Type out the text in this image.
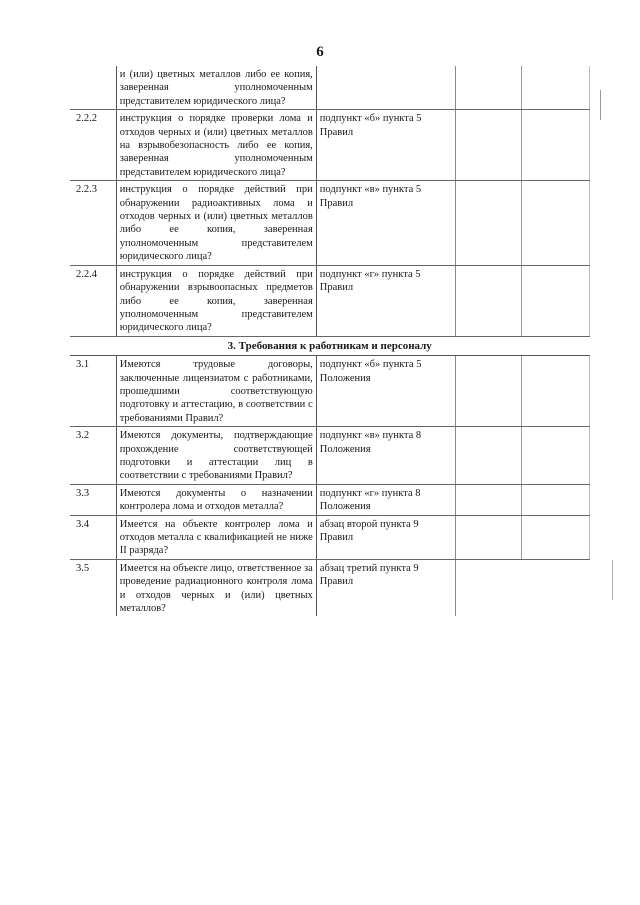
6
	и (или) цветных металлов либо ее копия, заверенная уполномоченным представителем юридического лица?			
2.2.2	инструкция о порядке проверки лома и отходов черных и (или) цветных металлов на взрывобезопасность либо ее копия, заверенная уполномоченным представителем юридического лица?	подпункт «б» пункта 5 Правил		
2.2.3	инструкция о порядке действий при обнаружении радиоактивных лома и отходов черных и (или) цветных металлов либо ее копия, заверенная уполномоченным представителем юридического лица?	подпункт «в» пункта 5 Правил		
2.2.4	инструкция о порядке действий при обнаружении взрывоопасных предметов либо ее копия, заверенная уполномоченным представителем юридического лица?	подпункт «г» пункта 5 Правил		
3. Требования к работникам и персоналу				
3.1	Имеются трудовые договоры, заключенные лицензиатом с работниками, прошедшими соответствующую подготовку и аттестацию, в соответствии с требованиями Правил?	подпункт «б» пункта 5 Положения		
3.2	Имеются документы, подтверждающие прохождение соответствующей подготовки и аттестации лиц в соответствии с требованиями Правил?	подпункт «в» пункта 8 Положения		
3.3	Имеются документы о назначении контролера лома и отходов металла?	подпункт «г» пункта 8 Положения		
3.4	Имеется на объекте контролер лома и отходов металла с квалификацией не ниже II разряда?	абзац второй пункта 9 Правил		
3.5	Имеется на объекте лицо, ответственное за проведение радиационного контроля лома и отходов черных и (или) цветных металлов?	абзац третий пункта 9 Правил		
